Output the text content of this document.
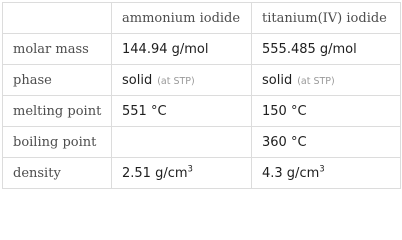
	ammonium iodide	titanium(IV) iodide
molar mass	144.94 g/mol	555.485 g/mol
phase	solid (at STP)	solid (at STP)
melting point	551 °C	150 °C
boiling point		360 °C
density	2.51 $g/cm^3$	4.3 $g/cm^3$
